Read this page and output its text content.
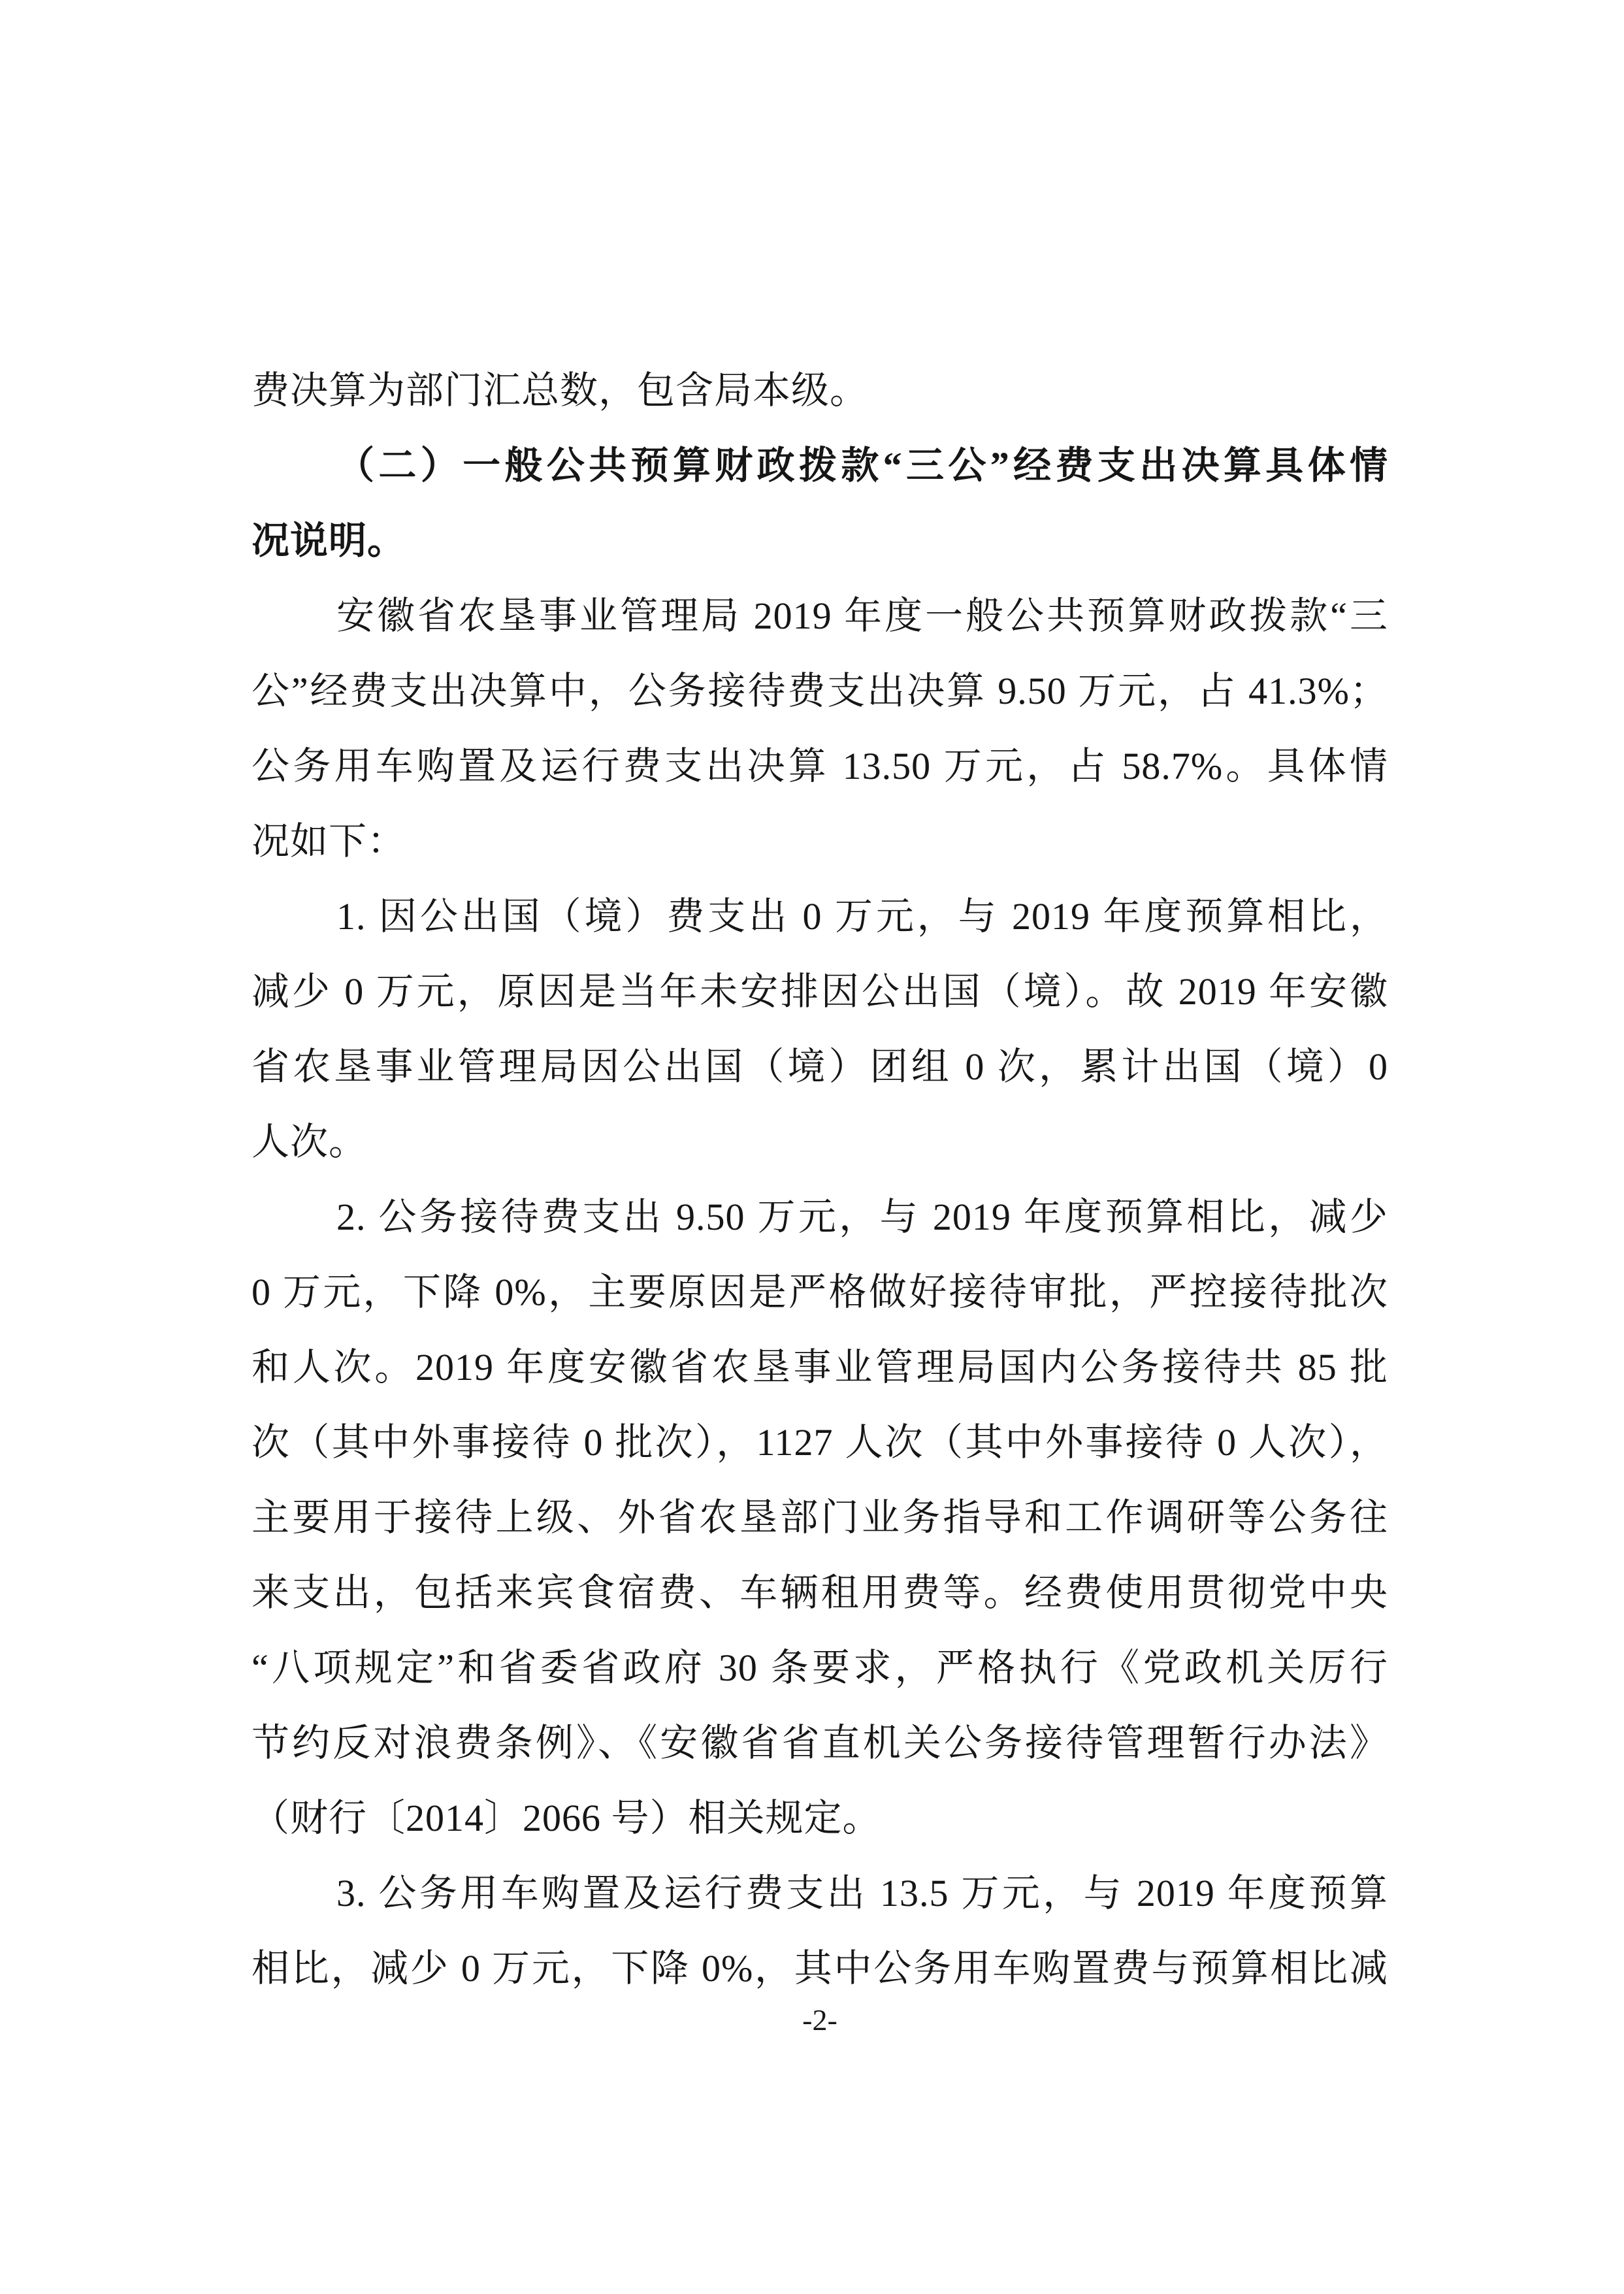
费决算为部门汇总数，包含局本级。
（二）一般公共预算财政拨款“三公”经费支出决算具体情
况说明。
安徽省农垦事业管理局 2019 年度一般公共预算财政拨款“三
公”经费支出决算中，公务接待费支出决算 9.50 万元，占 41.3%；
公务用车购置及运行费支出决算 13.50 万元，占 58.7%。具体情
况如下：
1. 因公出国（境）费支出 0 万元，与 2019 年度预算相比，
减少 0 万元，原因是当年未安排因公出国（境）。故 2019 年安徽
省农垦事业管理局因公出国（境）团组 0 次，累计出国（境）0
人次。
2. 公务接待费支出 9.50 万元，与 2019 年度预算相比，减少
0 万元，下降 0%，主要原因是严格做好接待审批，严控接待批次
和人次。2019 年度安徽省农垦事业管理局国内公务接待共 85 批
次（其中外事接待 0 批次），1127 人次（其中外事接待 0 人次），
主要用于接待上级、外省农垦部门业务指导和工作调研等公务往
来支出，包括来宾食宿费、车辆租用费等。经费使用贯彻党中央
“八项规定”和省委省政府 30 条要求，严格执行《党政机关厉行
节约反对浪费条例》、《安徽省省直机关公务接待管理暂行办法》
（财行〔2014〕2066 号）相关规定。
3. 公务用车购置及运行费支出 13.5 万元，与 2019 年度预算
相比，减少 0 万元，下降 0%，其中公务用车购置费与预算相比减
-2-
